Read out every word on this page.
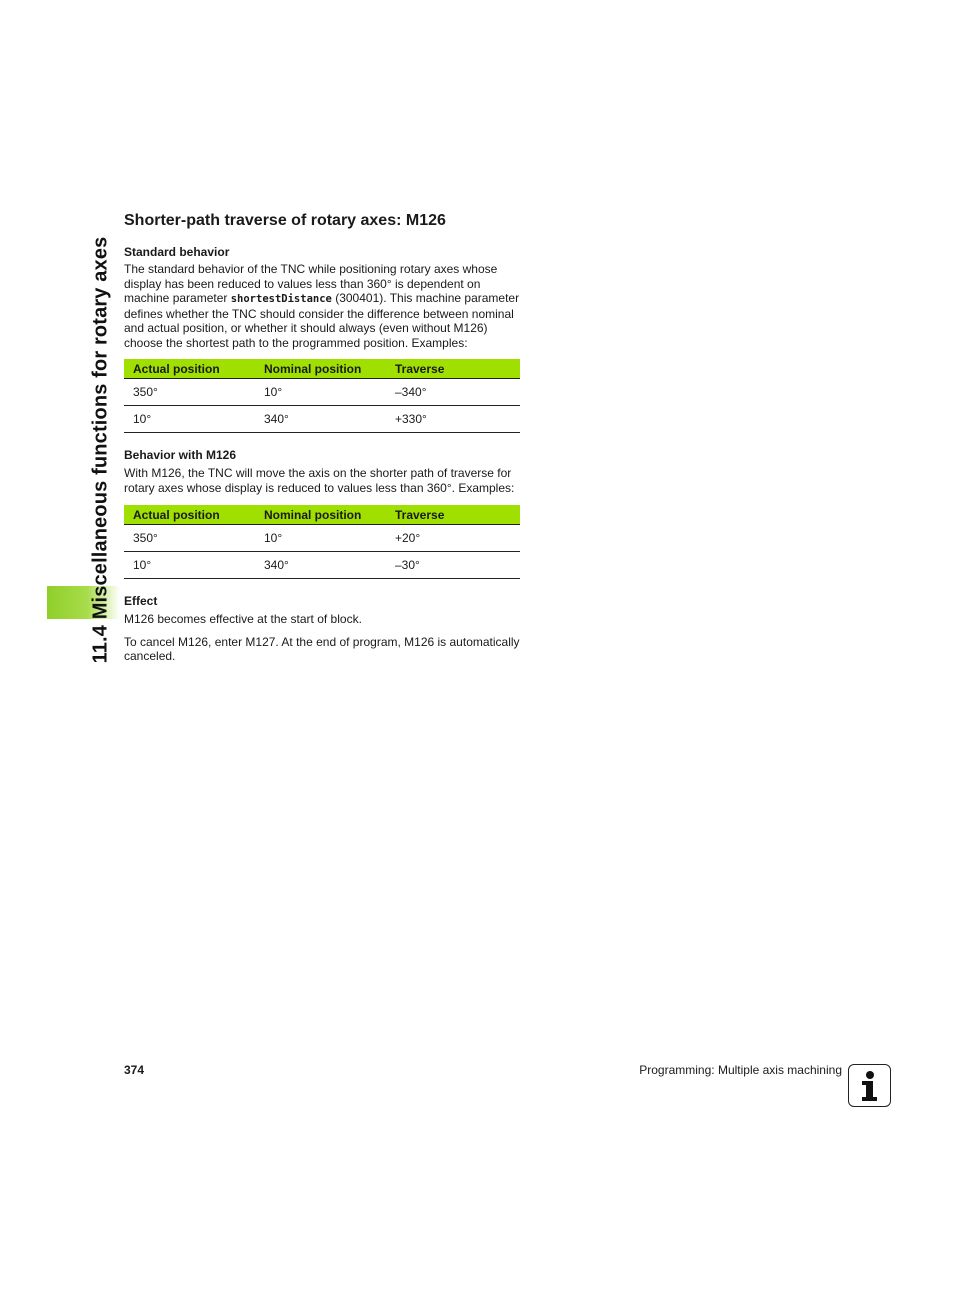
11.4 Miscellaneous functions for rotary axes
Shorter-path traverse of rotary axes: M126
Standard behavior

The standard behavior of the TNC while positioning rotary axes whose display has been reduced to values less than 360° is dependent on machine parameter shortestDistance (300401). This machine parameter defines whether the TNC should consider the difference between nominal and actual position, or whether it should always (even without M126) choose the shortest path to the programmed position. Examples:

Actual position	Nominal position	Traverse
350°	10°	–340°
10°	340°	+330°
Behavior with M126

With M126, the TNC will move the axis on the shorter path of traverse for rotary axes whose display is reduced to values less than 360°. Examples:

Actual position	Nominal position	Traverse
350°	10°	+20°
10°	340°	–30°
Effect

M126 becomes effective at the start of block.

To cancel M126, enter M127. At the end of program, M126 is automatically canceled.

374	Programming: Multiple axis machining
